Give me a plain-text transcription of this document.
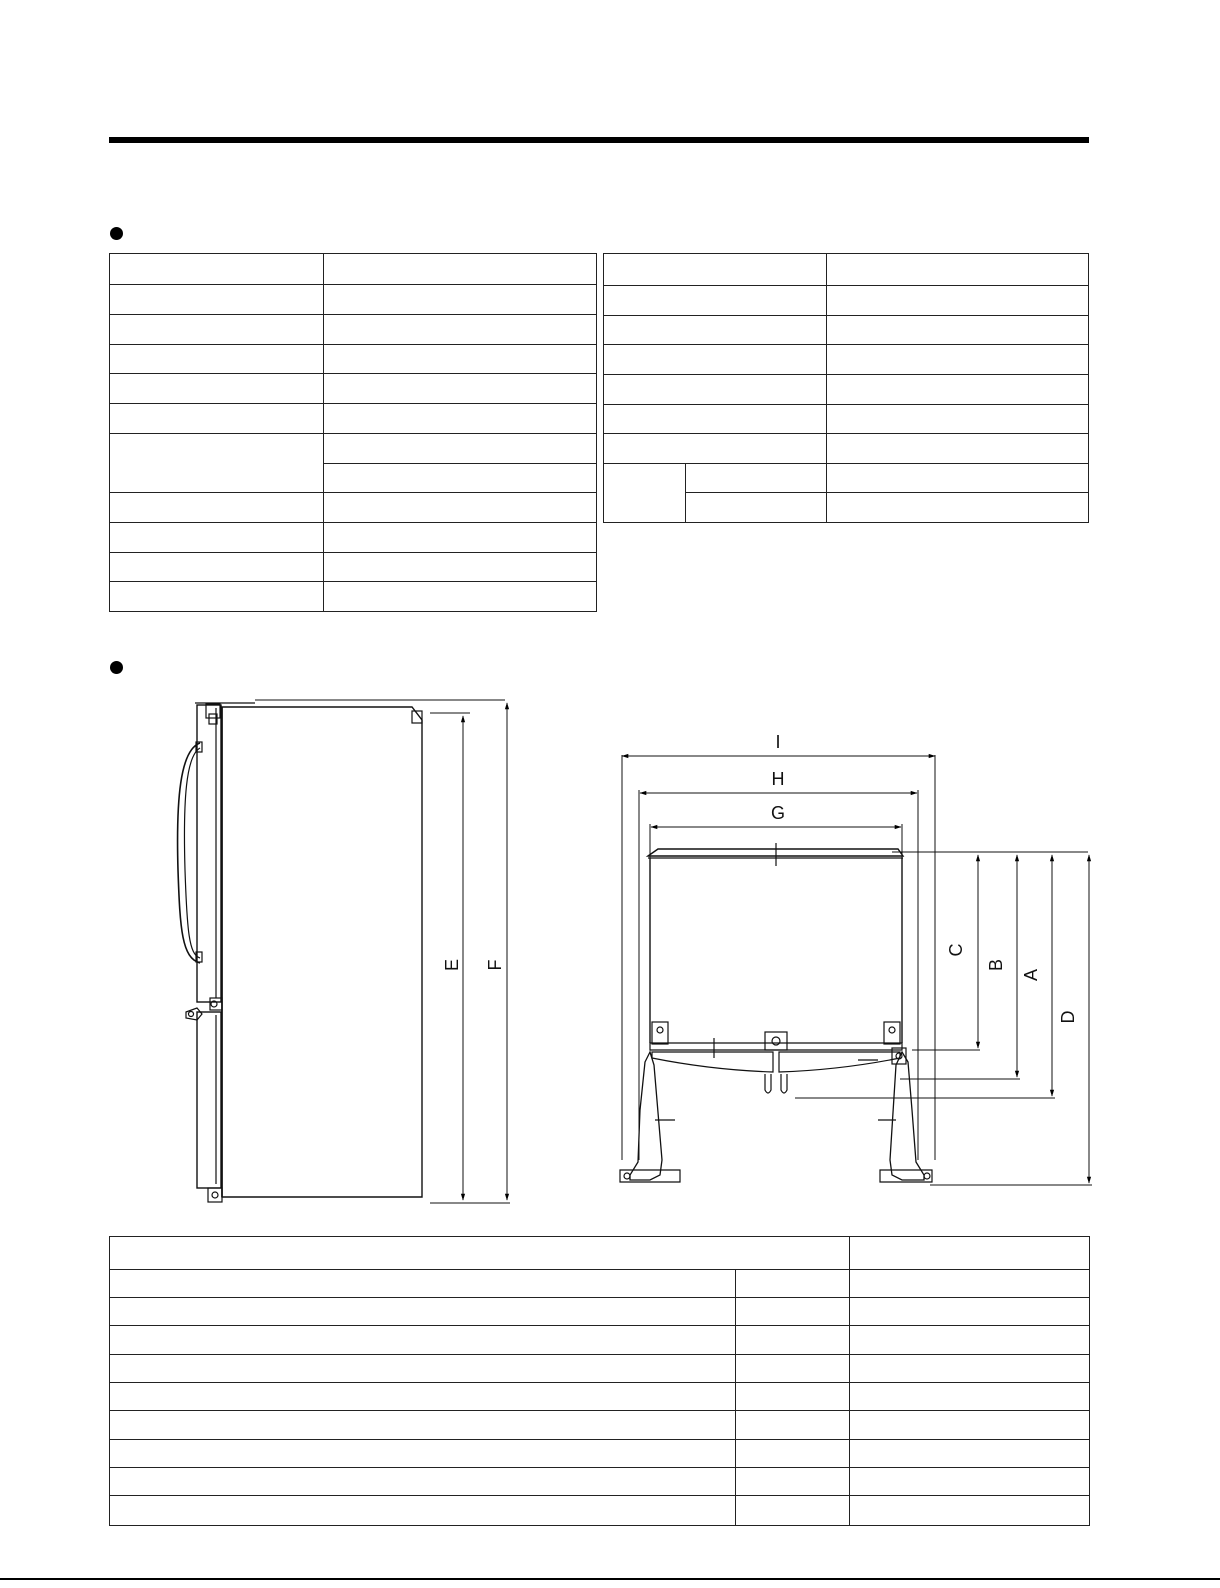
I
H
G
C
B
A
D
E F
